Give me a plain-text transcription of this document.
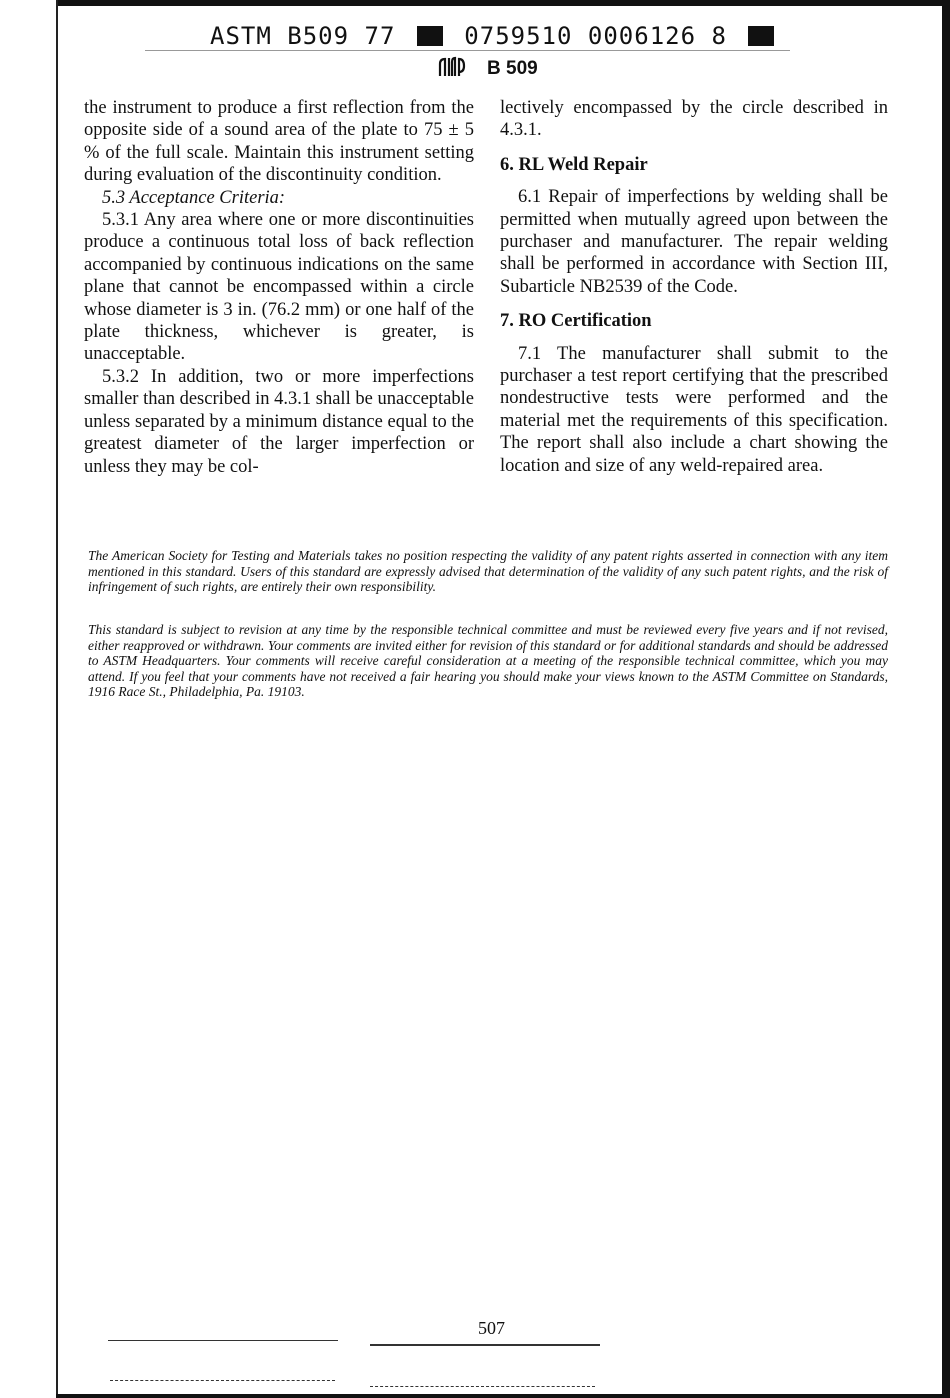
ASTM B509 77	0759510 0006126 8
B 509

the instrument to produce a first reflection from the opposite side of a sound area of the plate to 75 ± 5 % of the full scale. Maintain this instrument setting during evaluation of the discontinuity condition.

5.3 Acceptance Criteria:

5.3.1 Any area where one or more discontinuities produce a continuous total loss of back reflection accompanied by continuous indications on the same plane that cannot be encompassed within a circle whose diameter is 3 in. (76.2 mm) or one half of the plate thickness, whichever is greater, is unacceptable.

5.3.2 In addition, two or more imperfections smaller than described in 4.3.1 shall be unacceptable unless separated by a minimum distance equal to the greatest diameter of the larger imperfection or unless they may be col-

lectively encompassed by the circle described in 4.3.1.

6. RL Weld Repair

6.1 Repair of imperfections by welding shall be permitted when mutually agreed upon between the purchaser and manufacturer. The repair welding shall be performed in accordance with Section III, Subarticle NB2539 of the Code.

7. RO Certification

7.1 The manufacturer shall submit to the purchaser a test report certifying that the prescribed nondestructive tests were performed and the material met the requirements of this specification. The report shall also include a chart showing the location and size of any weld-repaired area.

The American Society for Testing and Materials takes no position respecting the validity of any patent rights asserted in connection with any item mentioned in this standard. Users of this standard are expressly advised that determination of the validity of any such patent rights, and the risk of infringement of such rights, are entirely their own responsibility.

This standard is subject to revision at any time by the responsible technical committee and must be reviewed every five years and if not revised, either reapproved or withdrawn. Your comments are invited either for revision of this standard or for additional standards and should be addressed to ASTM Headquarters. Your comments will receive careful consideration at a meeting of the responsible technical committee, which you may attend. If you feel that your comments have not received a fair hearing you should make your views known to the ASTM Committee on Standards, 1916 Race St., Philadelphia, Pa. 19103.

507
